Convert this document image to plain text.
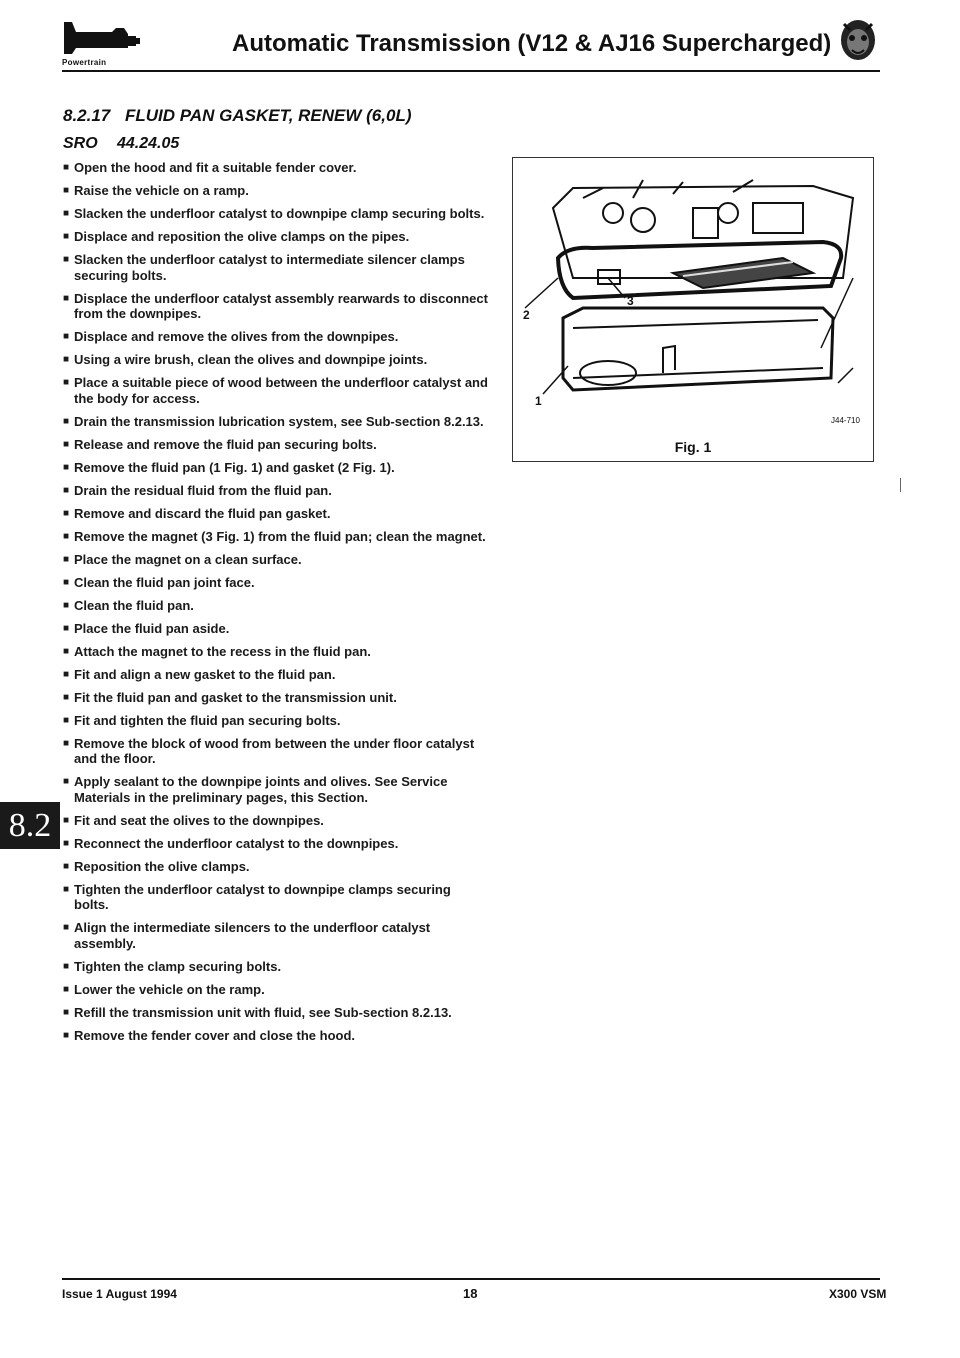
Powertrain
Automatic Transmission (V12 & AJ16 Supercharged)
8.2.17 FLUID PAN GASKET, RENEW (6,0L)
SRO 44.24.05
■ Open the hood and fit a suitable fender cover.
■ Raise the vehicle on a ramp.
■ Slacken the underfloor catalyst to downpipe clamp securing bolts.
■ Displace and reposition the olive clamps on the pipes.
■ Slacken the underfloor catalyst to intermediate silencer clamps securing bolts.
■ Displace the underfloor catalyst assembly rearwards to disconnect from the downpipes.
■ Displace and remove the olives from the downpipes.
■ Using a wire brush, clean the olives and downpipe joints.
■ Place a suitable piece of wood between the underfloor catalyst and the body for access.
■ Drain the transmission lubrication system, see Sub-section 8.2.13.
■ Release and remove the fluid pan securing bolts.
■ Remove the fluid pan (1 Fig. 1) and gasket (2 Fig. 1).
■ Drain the residual fluid from the fluid pan.
■ Remove and discard the fluid pan gasket.
■ Remove the magnet (3 Fig. 1) from the fluid pan; clean the magnet.
■ Place the magnet on a clean surface.
■ Clean the fluid pan joint face.
■ Clean the fluid pan.
■ Place the fluid pan aside.
■ Attach the magnet to the recess in the fluid pan.
■ Fit and align a new gasket to the fluid pan.
■ Fit the fluid pan and gasket to the transmission unit.
■ Fit and tighten the fluid pan securing bolts.
■ Remove the block of wood from between the under floor catalyst and the floor.
■ Apply sealant to the downpipe joints and olives. See Service Materials in the preliminary pages, this Section.
■ Fit and seat the olives to the downpipes.
■ Reconnect the underfloor catalyst to the downpipes.
■ Reposition the olive clamps.
■ Tighten the underfloor catalyst to downpipe clamps securing bolts.
■ Align the intermediate silencers to the underfloor catalyst assembly.
■ Tighten the clamp securing bolts.
■ Lower the vehicle on the ramp.
■ Refill the transmission unit with fluid, see Sub-section 8.2.13.
■ Remove the fender cover and close the hood.
2
3
1
J44-710
Fig. 1
8.2
Issue 1 August 1994	18	X300 VSM
